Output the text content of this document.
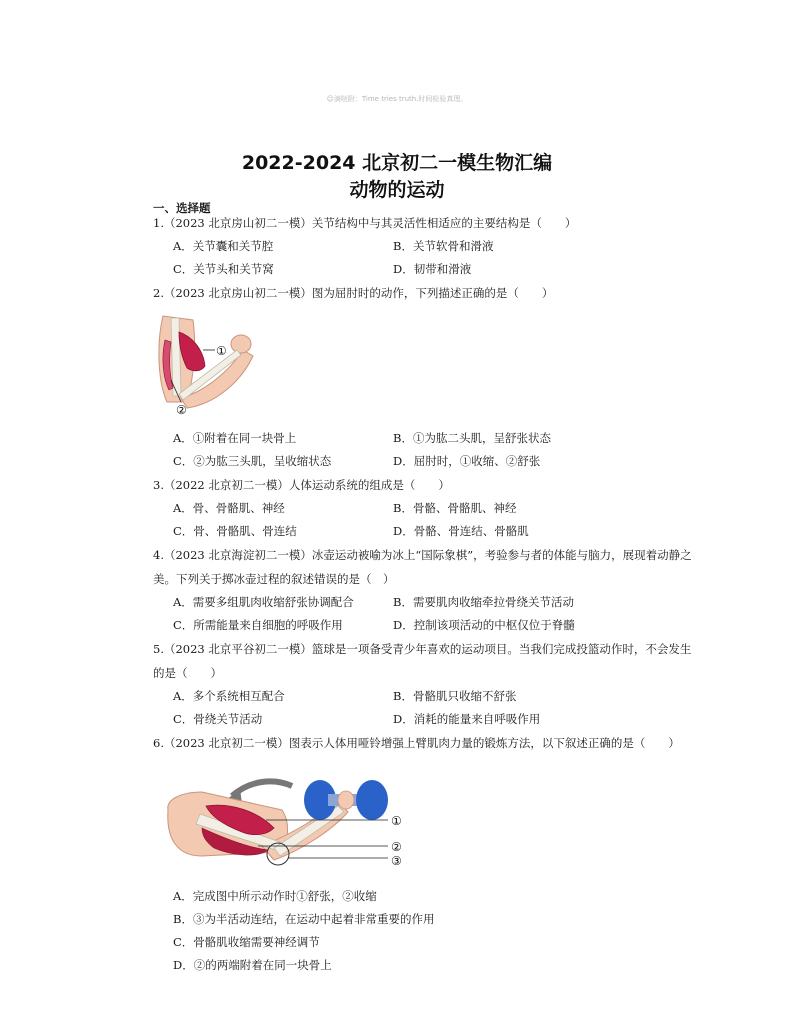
☺滴哒附：Time tries truth.时间检验真理。
2022-2024 北京初二一模生物汇编
动物的运动
一、选择题
1.（2023 北京房山初二一模）关节结构中与其灵活性相适应的主要结构是（　　）
A．关节囊和关节腔	B．关节软骨和滑液
C．关节头和关节窝	D．韧带和滑液
2.（2023 北京房山初二一模）图为屈肘时的动作，下列描述正确的是（　　）
①
②
A．①附着在同一块骨上	B．①为肱二头肌，呈舒张状态
C．②为肱三头肌，呈收缩状态	D．屈肘时，①收缩、②舒张
3.（2022 北京初二一模）人体运动系统的组成是（　　）
A．骨、骨骼肌、神经	B．骨骼、骨骼肌、神经
C．骨、骨骼肌、骨连结	D．骨骼、骨连结、骨骼肌
4.（2023 北京海淀初二一模）冰壶运动被喻为冰上“国际象棋”，考验参与者的体能与脑力，展现着动静之
美。下列关于掷冰壶过程的叙述错误的是（　）
A．需要多组肌肉收缩舒张协调配合	B．需要肌肉收缩牵拉骨绕关节活动
C．所需能量来自细胞的呼吸作用	D．控制该项活动的中枢仅位于脊髓
5.（2023 北京平谷初二一模）篮球是一项备受青少年喜欢的运动项目。当我们完成投篮动作时，不会发生
的是（　　）
A．多个系统相互配合	B．骨骼肌只收缩不舒张
C．骨绕关节活动	D．消耗的能量来自呼吸作用
6.（2023 北京初二一模）图表示人体用哑铃增强上臂肌肉力量的锻炼方法，以下叙述正确的是（　　）
①
②
③
A．完成图中所示动作时①舒张，②收缩
B．③为半活动连结，在运动中起着非常重要的作用
C．骨骼肌收缩需要神经调节
D．②的两端附着在同一块骨上
